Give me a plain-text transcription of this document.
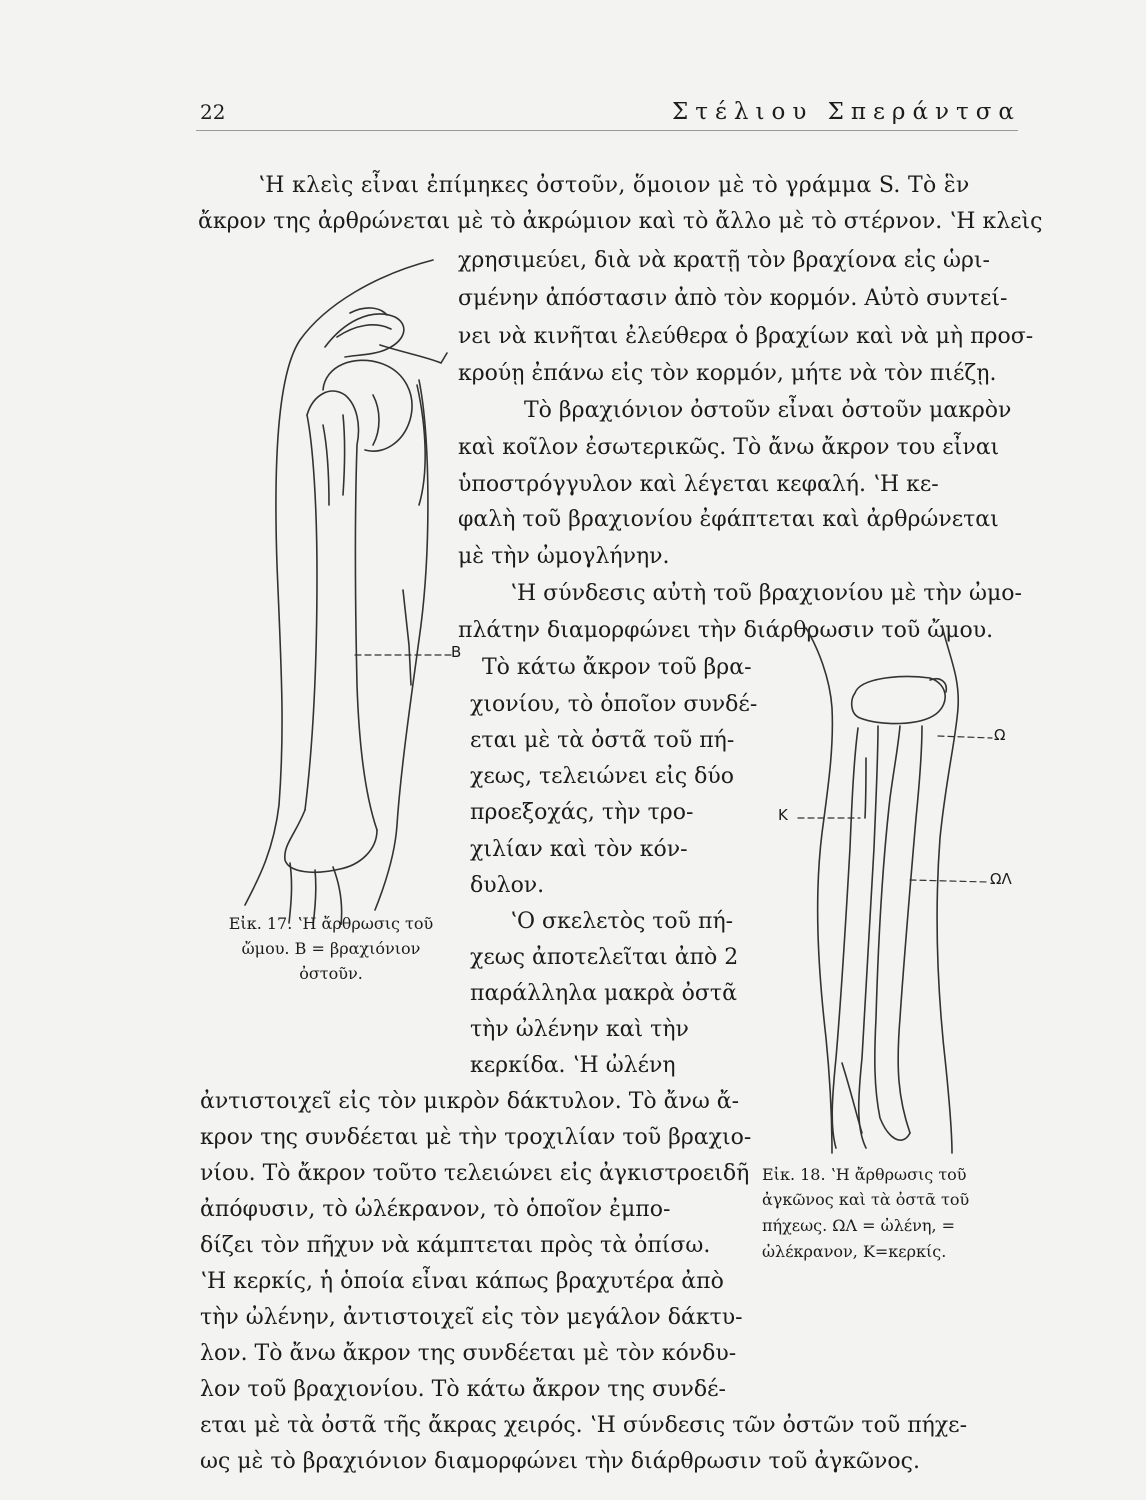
22	Στέλιου Σπεράντσα
ʽΗ κλεὶς εἶναι ἐπίμηκες ὀστοῦν, ὅμοιον μὲ τὸ γράμμα S. Τὸ ἓν
ἄκρον της ἀρθρώνεται μὲ τὸ ἀκρώμιον καὶ τὸ ἄλλο μὲ τὸ στέρνον. ʽΗ κλεὶς
χρησιμεύει, διὰ νὰ κρατῇ τὸν βραχίονα εἰς ὡρι-
σμένην ἀπόστασιν ἀπὸ τὸν κορμόν. Αὐτὸ συντεί-
νει νὰ κινῆται ἐλεύθερα ὁ βραχίων καὶ νὰ μὴ προσ-
κρούῃ ἐπάνω εἰς τὸν κορμόν, μήτε νὰ τὸν πιέζῃ.
Τὸ βραχιόνιον ὀστοῦν εἶναι ὀστοῦν μακρὸν
καὶ κοῖλον ἐσωτερικῶς. Τὸ ἄνω ἄκρον του εἶναι
ὑποστρόγγυλον καὶ λέγεται κεφαλή. ʽΗ κε-
φαλὴ τοῦ βραχιονίου ἐφάπτεται καὶ ἀρθρώνεται
μὲ τὴν ὠμογλήνην.
ʽΗ σύνδεσις αὐτὴ τοῦ βραχιονίου μὲ τὴν ὠμο-
πλάτην διαμορφώνει τὴν διάρθρωσιν τοῦ ὤμου.
Τὸ κάτω ἄκρον τοῦ βρα-
χιονίου, τὸ ὁποῖον συνδέ-
εται μὲ τὰ ὀστᾶ τοῦ πή-
χεως, τελειώνει εἰς δύο
προεξοχάς, τὴν τρο-
χιλίαν καὶ τὸν κόν-
δυλον.
ʽΟ σκελετὸς τοῦ πή-
χεως ἀποτελεῖται ἀπὸ 2
παράλληλα μακρὰ ὀστᾶ
τὴν ὠλένην καὶ τὴν
κερκίδα. ʽΗ ὠλένη
ἀντιστοιχεῖ εἰς τὸν μικρὸν δάκτυλον. Τὸ ἄνω ἄ-
κρον της συνδέεται μὲ τὴν τροχιλίαν τοῦ βραχιο-
νίου. Τὸ ἄκρον τοῦτο τελειώνει εἰς ἀγκιστροειδῆ
ἀπόφυσιν, τὸ ὠλέκρανον, τὸ ὁποῖον ἐμπο-
δίζει τὸν πῆχυν νὰ κάμπτεται πρὸς τὰ ὀπίσω.
ʽΗ κερκίς, ἡ ὁποία εἶναι κάπως βραχυτέρα ἀπὸ
τὴν ὠλένην, ἀντιστοιχεῖ εἰς τὸν μεγάλον δάκτυ-
λον. Τὸ ἄνω ἄκρον της συνδέεται μὲ τὸν κόνδυ-
λον τοῦ βραχιονίου. Τὸ κάτω ἄκρον της συνδέ-
εται μὲ τὰ ὀστᾶ τῆς ἄκρας χειρός. ʽΗ σύνδεσις τῶν ὀστῶν τοῦ πήχε-
ως μὲ τὸ βραχιόνιον διαμορφώνει τὴν διάρθρωσιν τοῦ ἀγκῶνος.
B
Εἰκ. 17. ʽΗ ἄρθρωσις τοῦ
ὤμου. Β = βραχιόνιον
ὀστοῦν.
Ω
Κ
ΩΛ
Εἰκ. 18. ʽΗ ἄρθρωσις τοῦ
ἀγκῶνος καὶ τὰ ὀστᾶ τοῦ
πήχεως. ΩΛ = ὠλένη, =
ὠλέκρανον, Κ=κερκίς.
